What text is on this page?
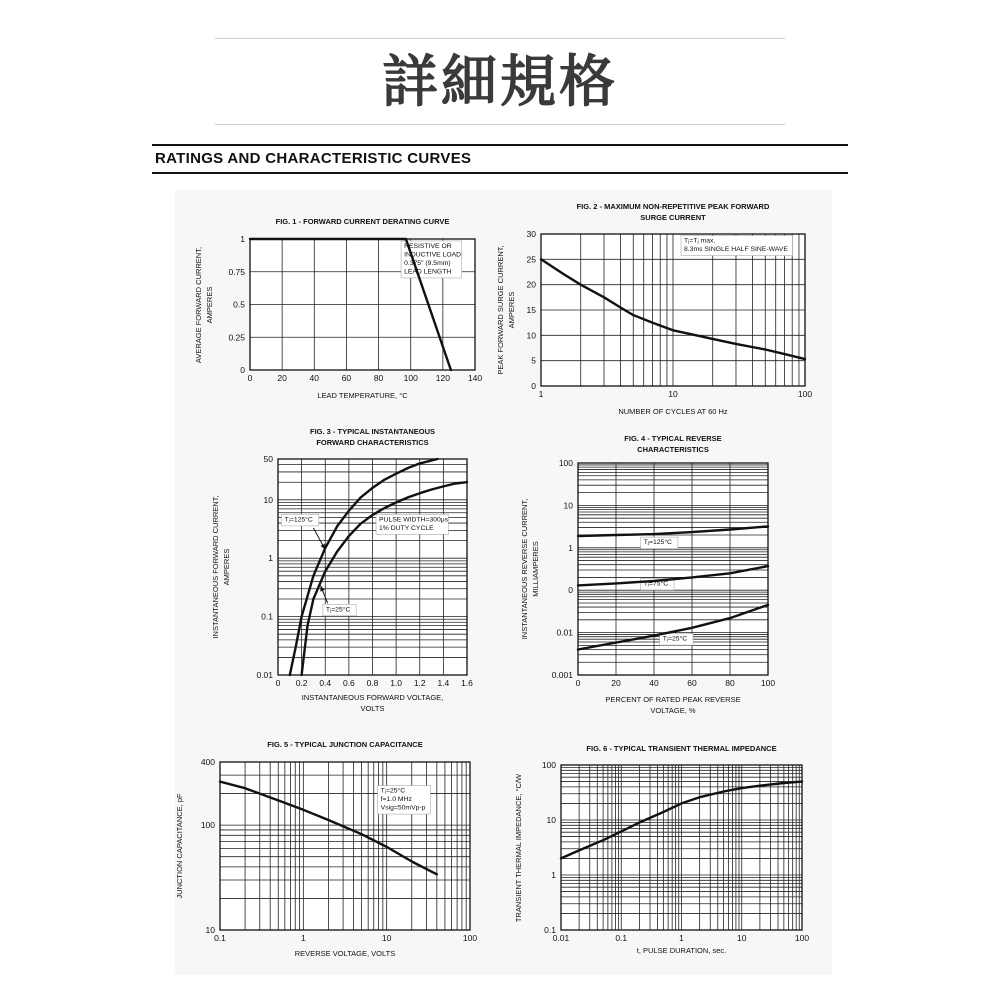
詳細規格
RATINGS AND CHARACTERISTIC CURVES
0	20	40	60	80 100 120 140
0
0.25
0.5
0.75
1
FIG. 1 - FORWARD CURRENT DERATING CURVE
LEAD TEMPERATURE, °C
AVERAGE FORWARD CURRENT, AMPERES
RESISTIVE OR
INDUCTIVE LOAD
0.375" (9.5mm)
LEAD LENGTH
1	10	100
0
5
10
15
20
25
30
FIG. 2 - MAXIMUM NON-REPETITIVE PEAK FORWARD
SURGE CURRENT
NUMBER OF CYCLES AT 60 Hz
PEAK FORWARD SURGE CURRENT, AMPERES
Tⱼ=Tⱼ max.
8.3ms SINGLE HALF SINE-WAVE
0 0.2 0.4 0.6 0.8 1.0 1.2 1.4 1.6
0.01
0.1
1
10
50
FIG. 3 - TYPICAL INSTANTANEOUS
FORWARD CHARACTERISTICS
INSTANTANEOUS FORWARD VOLTAGE,
VOLTS
INSTANTANEOUS FORWARD CURRENT, AMPERES
Tⱼ=125°C	PULSE WIDTH=300μs
1% DUTY CYCLE
Tⱼ=25°C
0	20	40	60	80	100
0.001
0.01
0
1
10
100
FIG. 4 - TYPICAL REVERSE
CHARACTERISTICS
PERCENT OF RATED PEAK REVERSE
VOLTAGE, %
INSTANTANEOUS REVERSE CURRENT, MILLIAMPERES	Tⱼ=125°C
Tⱼ=75°C
Tⱼ=25°C
0.1	1	10	100
10
100
400
FIG. 5 - TYPICAL JUNCTION CAPACITANCE
REVERSE VOLTAGE, VOLTS
JUNCTION CAPACITANCE, pF
Tⱼ=25°C
f=1.0 MHz
Vsig=50mVp-p
0.01	0.1	1	10	100
0.1
1
10
100
FIG. 6 - TYPICAL TRANSIENT THERMAL IMPEDANCE
t, PULSE DURATION, sec.
TRANSIENT THERMAL IMPEDANCE, °C/W
